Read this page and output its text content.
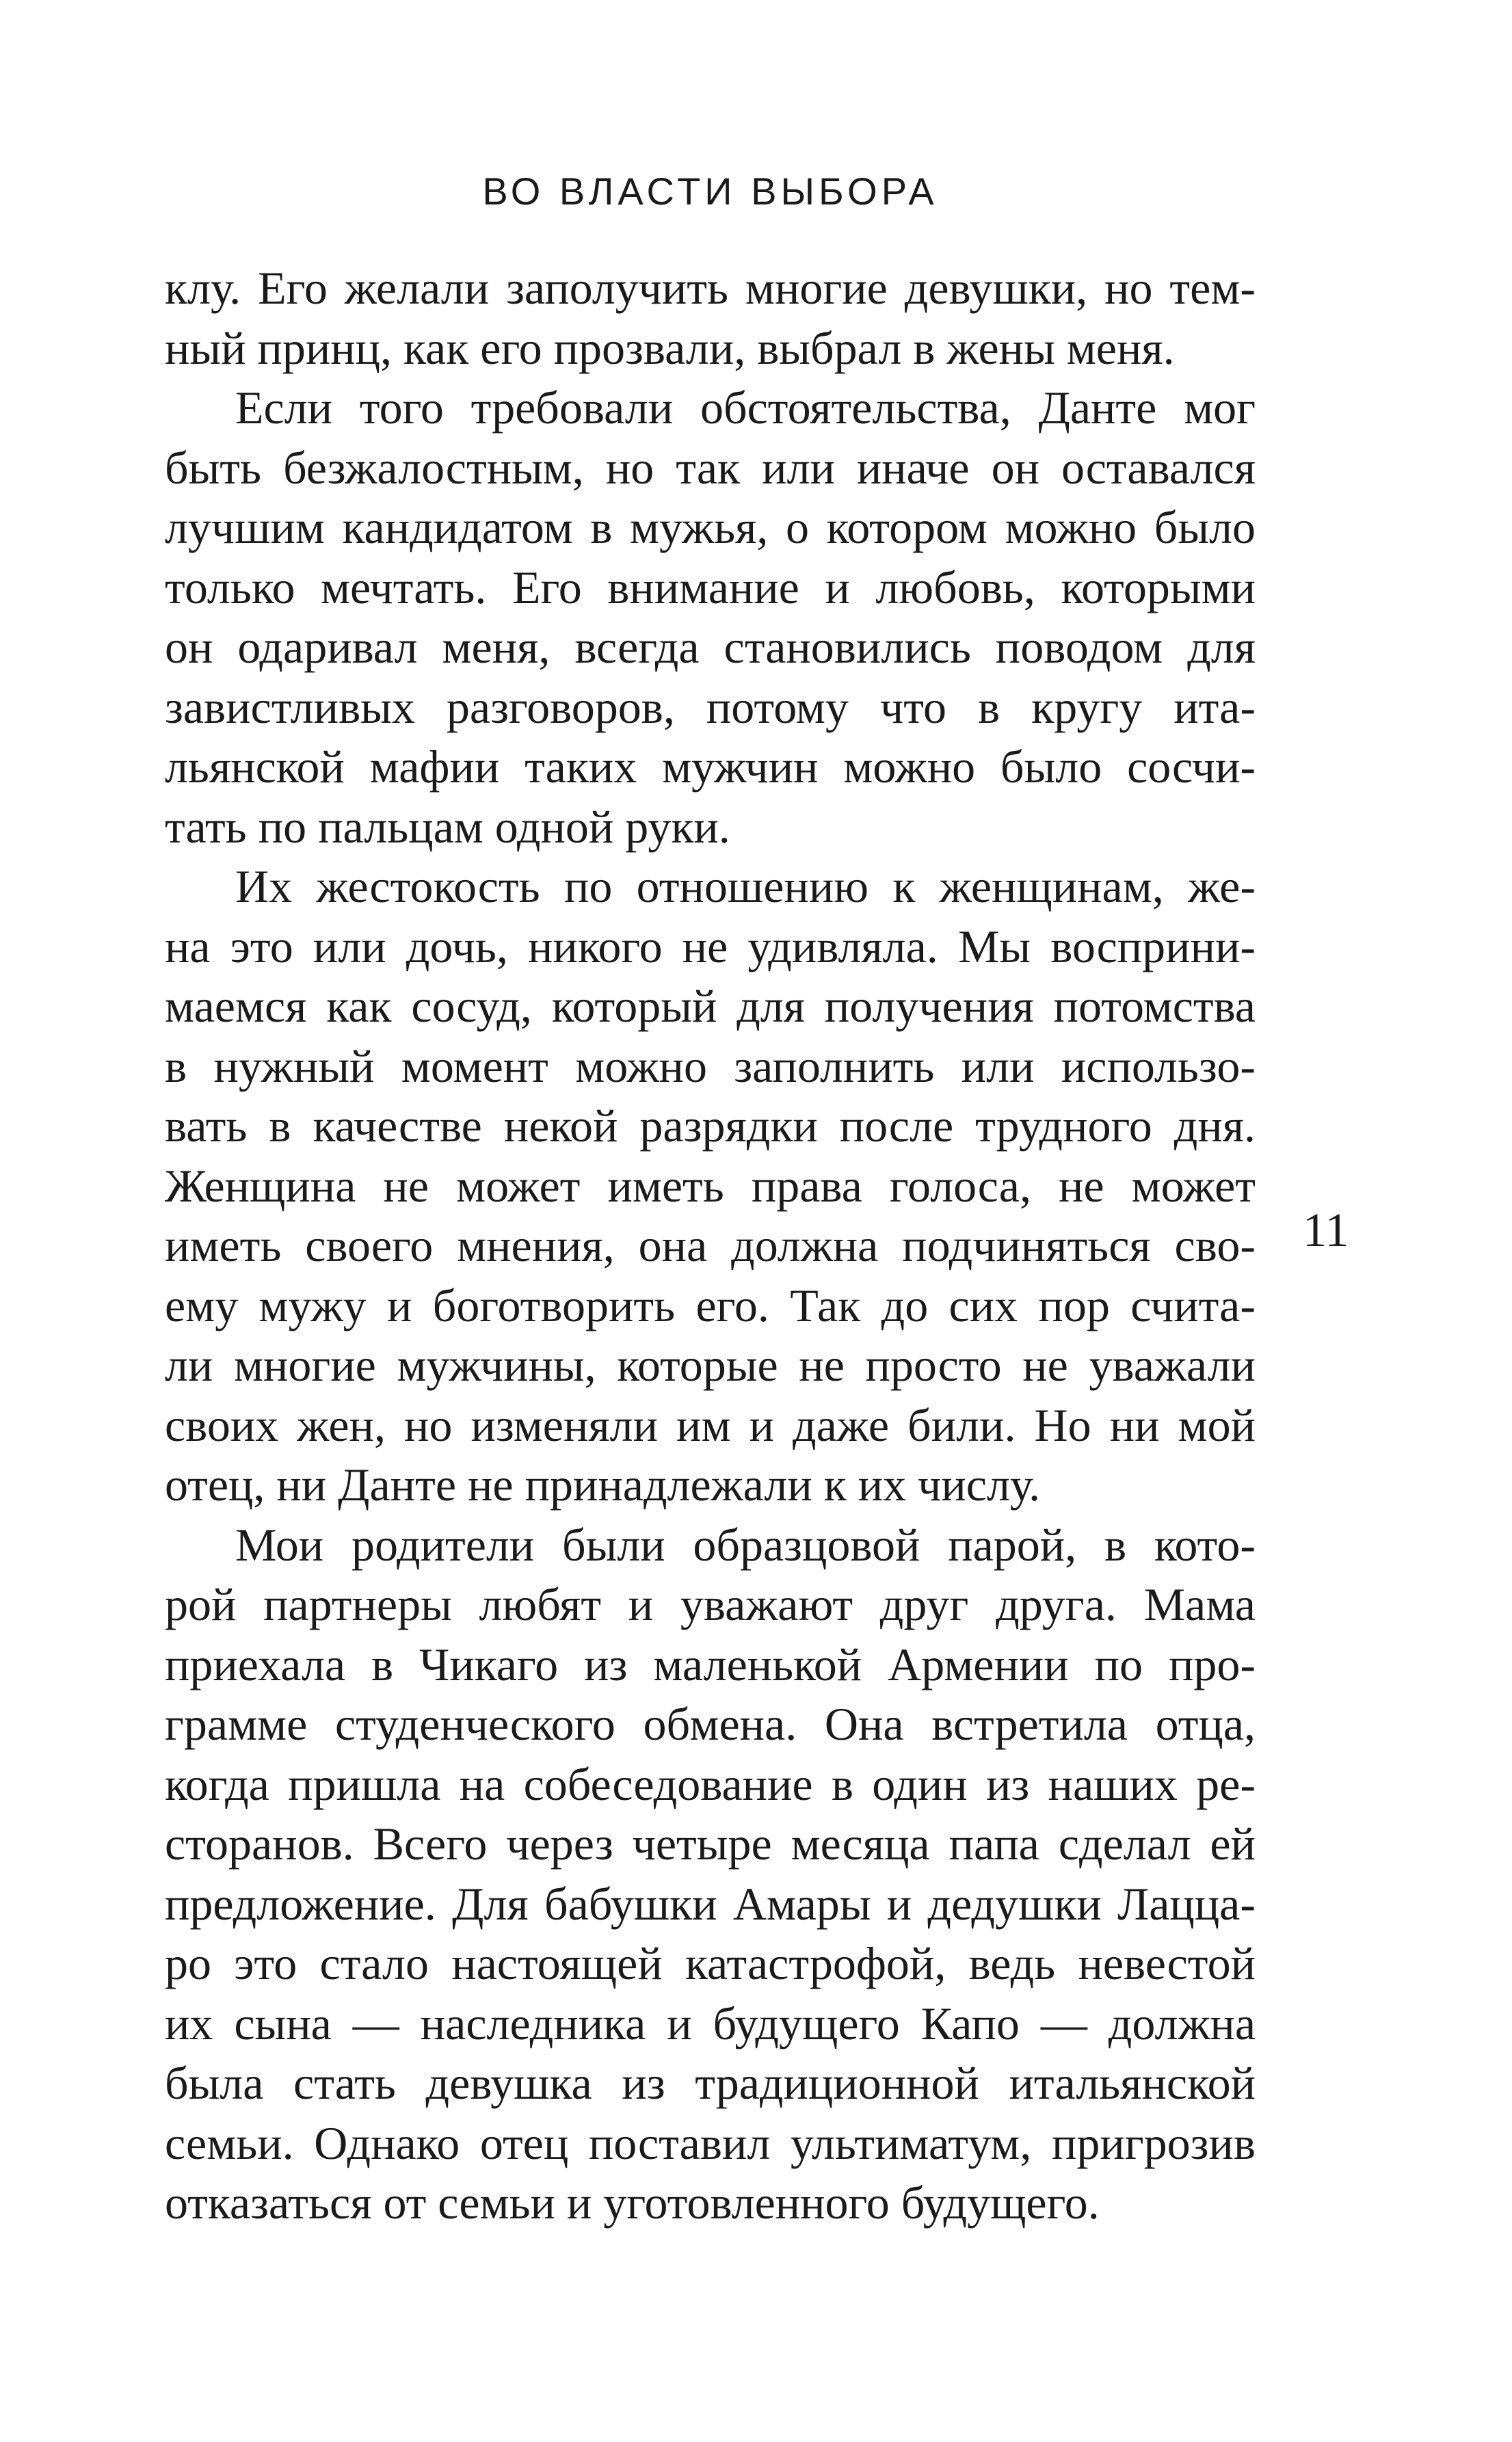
ВО ВЛАСТИ ВЫБОРА
клу. Его желали заполучить многие девушки, но тем-
ный принц, как его прозвали, выбрал в жены меня.
Если того требовали обстоятельства, Данте мог
быть безжалостным, но так или иначе он оставался
лучшим кандидатом в мужья, о котором можно было
только мечтать. Его внимание и любовь, которыми
он одаривал меня, всегда становились поводом для
завистливых разговоров, потому что в кругу ита-
льянской мафии таких мужчин можно было сосчи-
тать по пальцам одной руки.
Их жестокость по отношению к женщинам, же-
на это или дочь, никого не удивляла. Мы восприни-
маемся как сосуд, который для получения потомства
в нужный момент можно заполнить или использо-
вать в качестве некой разрядки после трудного дня.
Женщина не может иметь права голоса, не может
иметь своего мнения, она должна подчиняться сво-
ему мужу и боготворить его. Так до сих пор счита-
ли многие мужчины, которые не просто не уважали
своих жен, но изменяли им и даже били. Но ни мой
отец, ни Данте не принадлежали к их числу.
Мои родители были образцовой парой, в кото-
рой партнеры любят и уважают друг друга. Мама
приехала в Чикаго из маленькой Армении по про-
грамме студенческого обмена. Она встретила отца,
когда пришла на собеседование в один из наших ре-
сторанов. Всего через четыре месяца папа сделал ей
предложение. Для бабушки Амары и дедушки Лацца-
ро это стало настоящей катастрофой, ведь невестой
их сына — наследника и будущего Капо — должна
была стать девушка из традиционной итальянской
семьи. Однако отец поставил ультиматум, пригрозив
отказаться от семьи и уготовленного будущего.
11
